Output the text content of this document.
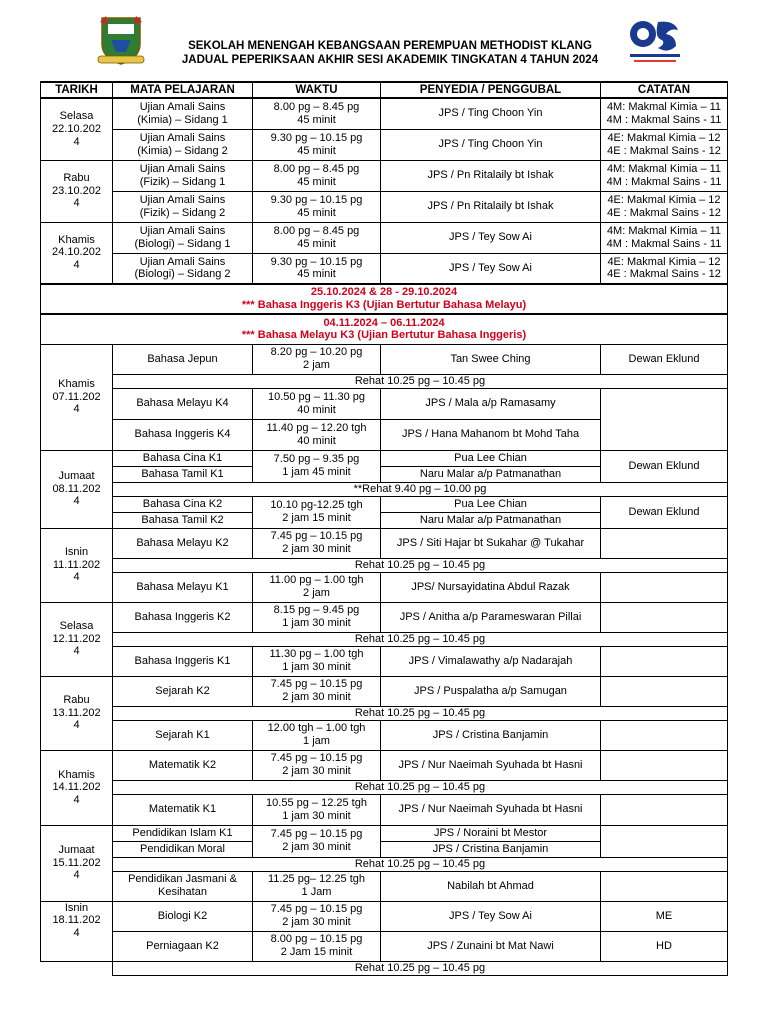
SEKOLAH MENENGAH KEBANGSAAN PEREMPUAN METHODIST KLANG
JADUAL PEPERIKSAAN AKHIR SESI AKADEMIK TINGKATAN 4 TAHUN 2024
TARIKH	MATA PELAJARAN	WAKTU	PENYEDIA / PENGGUBAL	CATATAN
Selasa
22.10.202
4	Ujian Amali Sains
(Kimia) – Sidang 1	8.00 pg – 8.45 pg
45 minit	JPS / Ting Choon Yin	4M: Makmal Kimia – 11
4M : Makmal Sains - 11
	Ujian Amali Sains
(Kimia) – Sidang 2	9.30 pg – 10.15 pg
45 minit	JPS / Ting Choon Yin	4E: Makmal Kimia – 12
4E : Makmal Sains - 12
Rabu
23.10.202
4	Ujian Amali Sains
(Fizik) – Sidang 1	8.00 pg – 8.45 pg
45 minit	JPS / Pn Ritalaily bt Ishak	4M: Makmal Kimia – 11
4M : Makmal Sains - 11
	Ujian Amali Sains
(Fizik) – Sidang 2	9.30 pg – 10.15 pg
45 minit	JPS / Pn Ritalaily bt Ishak	4E: Makmal Kimia – 12
4E : Makmal Sains - 12
Khamis
24.10.202
4	Ujian Amali Sains
(Biologi) – Sidang 1	8.00 pg – 8.45 pg
45 minit	JPS / Tey Sow Ai	4M: Makmal Kimia – 11
4M : Makmal Sains - 11
	Ujian Amali Sains
(Biologi) – Sidang 2	9.30 pg – 10.15 pg
45 minit	JPS / Tey Sow Ai	4E: Makmal Kimia – 12
4E : Makmal Sains - 12
25.10.2024 & 28 - 29.10.2024
*** Bahasa Inggeris K3 (Ujian Bertutur Bahasa Melayu)				
04.11.2024 – 06.11.2024
*** Bahasa Melayu K3 (Ujian Bertutur Bahasa Inggeris)				
Khamis
07.11.202
4	Bahasa Jepun	8.20 pg – 10.20 pg
2 jam	Tan Swee Ching	Dewan Eklund
	Rehat 10.25 pg – 10.45 pg			
	Bahasa Melayu K4	10.50 pg – 11.30 pg
40 minit	JPS / Mala a/p Ramasamy	
	Bahasa Inggeris K4	11.40 pg – 12.20 tgh
40 minit	JPS / Hana Mahanom bt Mohd Taha	
Jumaat
08.11.202
4	Bahasa Cina K1	7.50 pg – 9.35 pg
1 jam 45 minit	Pua Lee Chian	Dewan Eklund
	Bahasa Tamil K1		Naru Malar a/p Patmanathan	
	**Rehat 9.40 pg – 10.00 pg			
	Bahasa Cina K2	10.10 pg-12.25 tgh
2 jam 15 minit	Pua Lee Chian	Dewan Eklund
	Bahasa Tamil K2		Naru Malar a/p Patmanathan	
Isnin
11.11.202
4	Bahasa Melayu K2	7.45 pg – 10.15 pg
2 jam 30 minit	JPS / Siti Hajar bt Sukahar @ Tukahar	
	Rehat 10.25 pg – 10.45 pg			
	Bahasa Melayu K1	11.00 pg – 1.00 tgh
2 jam	JPS/ Nursayidatina Abdul Razak	
Selasa
12.11.202
4	Bahasa Inggeris K2	8.15 pg – 9.45 pg
1 jam 30 minit	JPS / Anitha a/p Parameswaran Pillai	
	Rehat 10.25 pg – 10.45 pg			
	Bahasa Inggeris K1	11.30 pg – 1.00 tgh
1 jam 30 minit	JPS / Vimalawathy a/p Nadarajah	
Rabu
13.11.202
4	Sejarah K2	7.45 pg – 10.15 pg
2 jam 30 minit	JPS / Puspalatha a/p Samugan	
	Rehat 10.25 pg – 10.45 pg			
	Sejarah K1	12.00 tgh – 1.00 tgh
1 jam	JPS / Cristina Banjamin	
Khamis
14.11.202
4	Matematik K2	7.45 pg – 10.15 pg
2 jam 30 minit	JPS / Nur Naeimah Syuhada bt Hasni	
	Rehat 10.25 pg – 10.45 pg			
	Matematik K1	10.55 pg – 12.25 tgh
1 jam 30 minit	JPS / Nur Naeimah Syuhada bt Hasni	
Jumaat
15.11.202
4	Pendidikan Islam K1	7.45 pg – 10.15 pg
2 jam 30 minit	JPS / Noraini bt Mestor	
	Pendidikan Moral		JPS / Cristina Banjamin	
	Rehat 10.25 pg – 10.45 pg			
	Pendidikan Jasmani &
Kesihatan	11.25 pg– 12.25 tgh
1 Jam	Nabilah bt Ahmad	
Isnin
18.11.202
4	Biologi K2	7.45 pg – 10.15 pg
2 jam 30 minit	JPS / Tey Sow Ai	ME
	Perniagaan K2	8.00 pg – 10.15 pg
2 Jam 15 minit	JPS / Zunaini bt Mat Nawi	HD
	Rehat 10.25 pg – 10.45 pg			
